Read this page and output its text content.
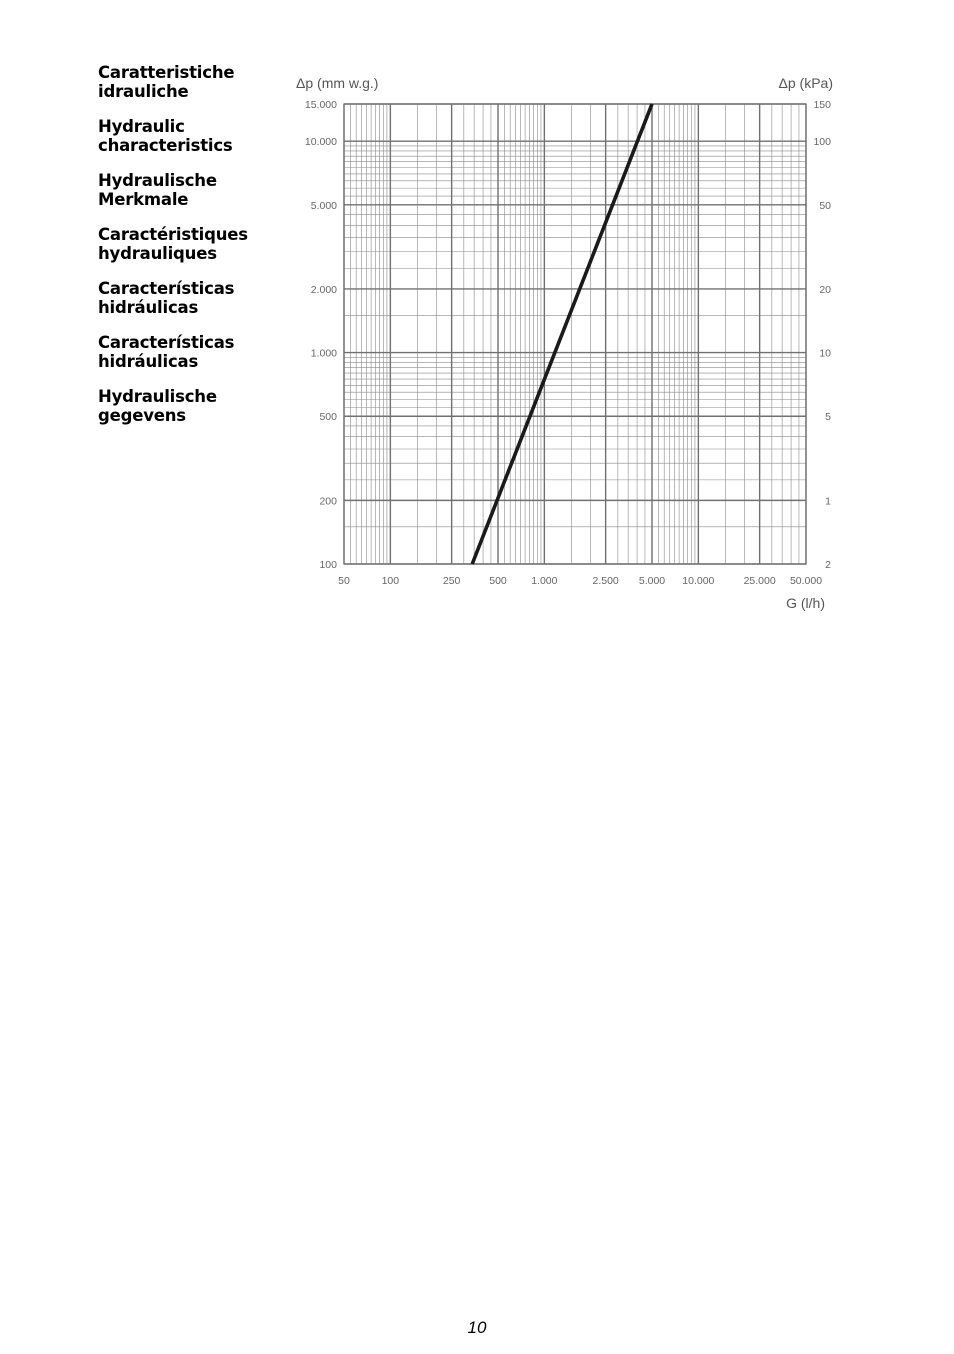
Caratteristiche
idrauliche
Hydraulic
characteristics
Hydraulische
Merkmale
Caractéristiques
hydrauliques
Características
hidráulicas
Características
hidráulicas
Hydraulische
gegevens
50	100	250	500 1.000	2.500 5.000 10.000	25.000 50.000
100
200
500
1.000
2.000
5.000
10.000
15.000
2
1
5
10
20
50
100
150
Δp (mm w.g.)	Δp (kPa)
G (l/h)
10
